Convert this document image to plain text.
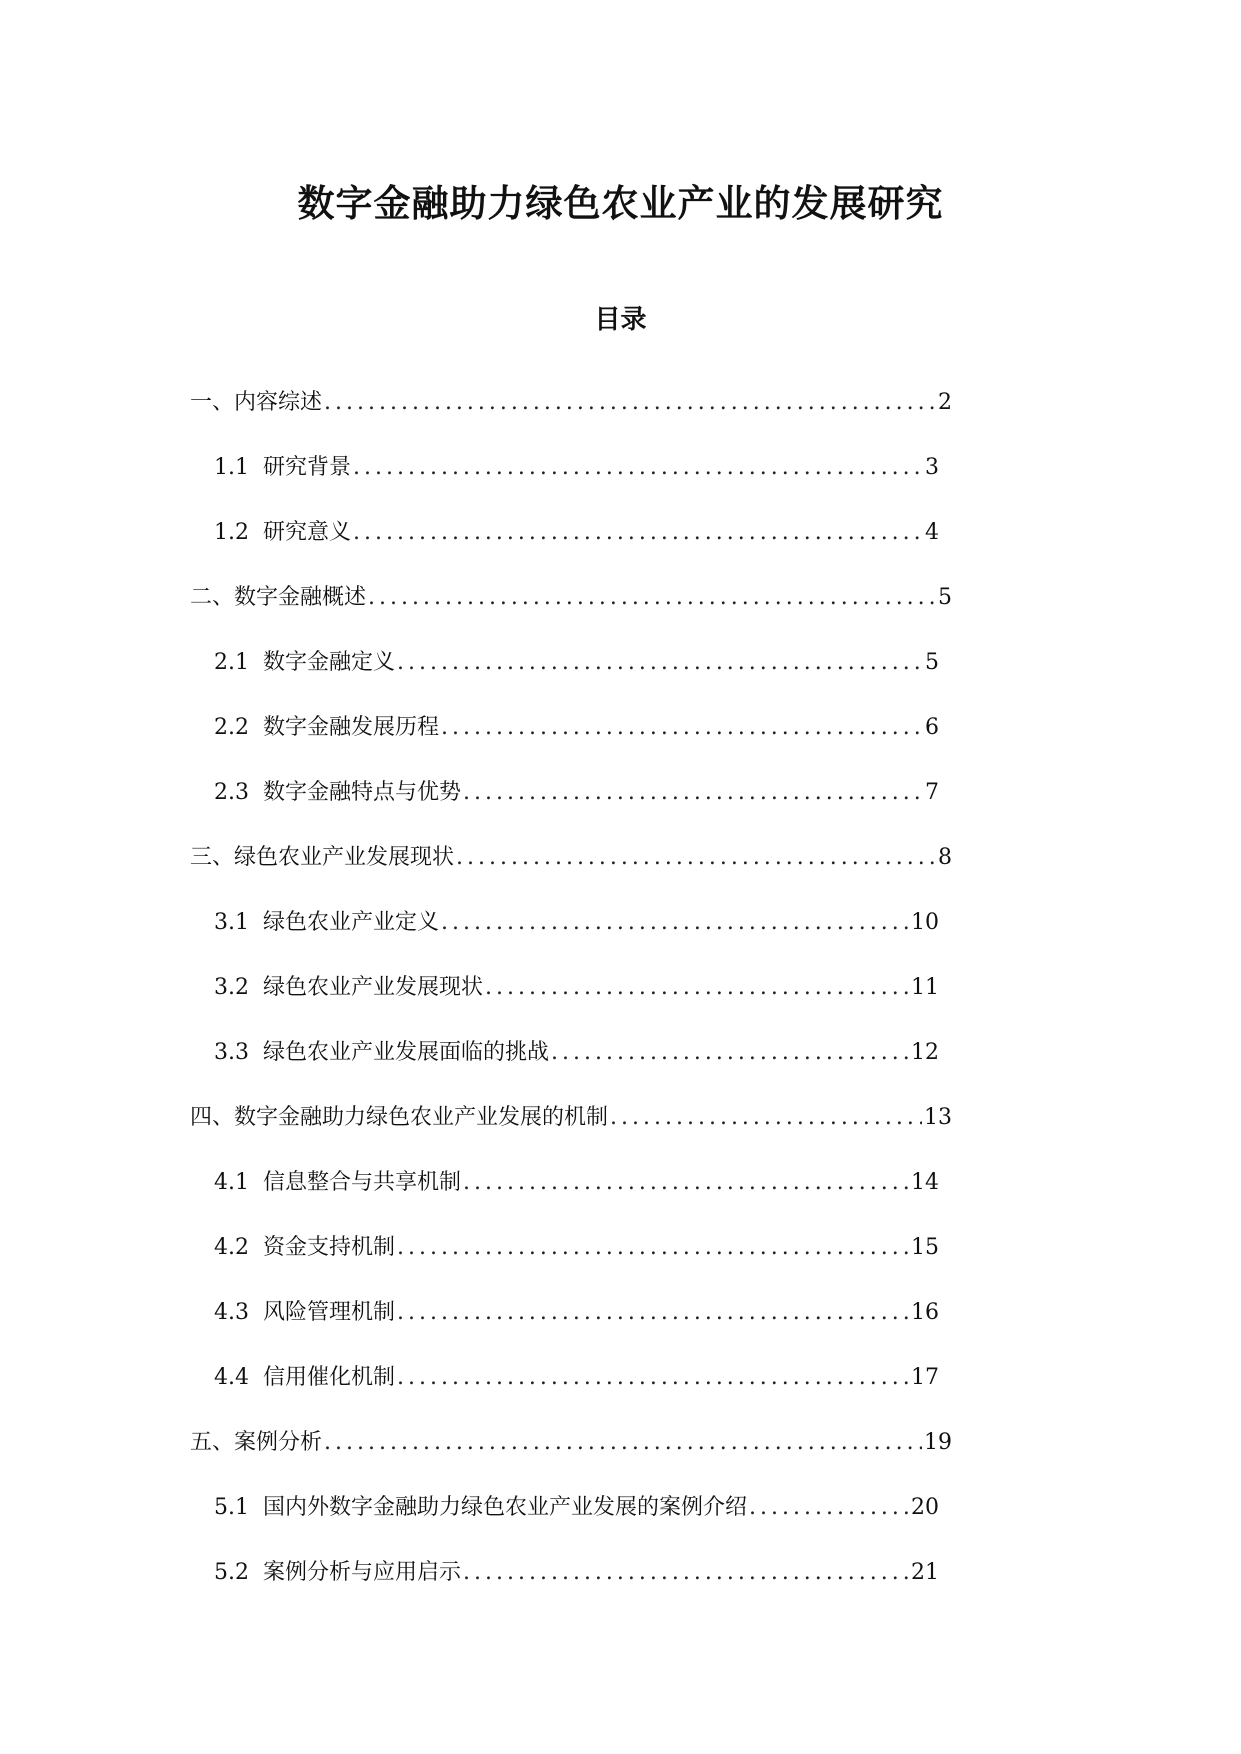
数字金融助力绿色农业产业的发展研究
目录
一、内容综述 .....	2
1.1 研究背景 .....	3
1.2 研究意义 .....	4
二、数字金融概述 .....	5
2.1 数字金融定义 .....	5
2.2 数字金融发展历程 .....	6
2.3 数字金融特点与优势 .....	7
三、绿色农业产业发展现状 .....	8
3.1 绿色农业产业定义 .....	10
3.2 绿色农业产业发展现状 .....	11
3.3 绿色农业产业发展面临的挑战 .....	12
四、数字金融助力绿色农业产业发展的机制 .....	13
4.1 信息整合与共享机制 .....	14
4.2 资金支持机制 .....	15
4.3 风险管理机制 .....	16
4.4 信用催化机制 .....	17
五、案例分析 .....	19
5.1 国内外数字金融助力绿色农业产业发展的案例介绍 .....	20
5.2 案例分析与应用启示 .....	21
